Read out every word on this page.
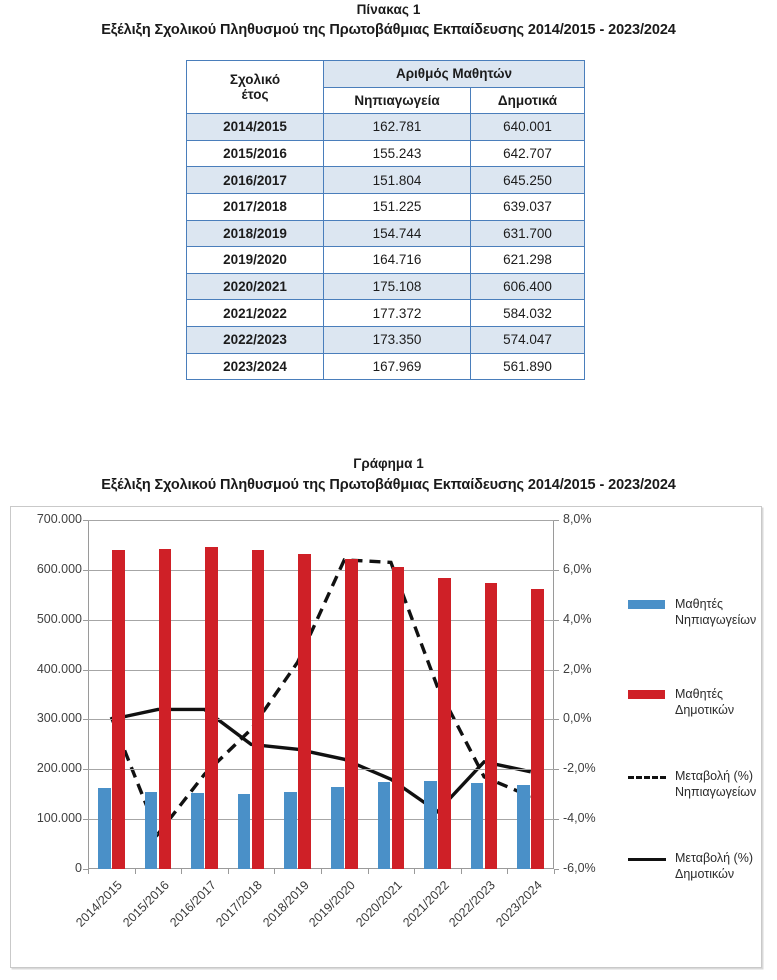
Πίνακας 1
Εξέλιξη Σχολικού Πληθυσμού της Πρωτοβάθμιας Εκπαίδευσης 2014/2015 - 2023/2024
Σχολικό
έτος	Αριθμός Μαθητών	
	Νηπιαγωγεία	Δημοτικά
2014/2015	162.781	640.001
2015/2016	155.243	642.707
2016/2017	151.804	645.250
2017/2018	151.225	639.037
2018/2019	154.744	631.700
2019/2020	164.716	621.298
2020/2021	175.108	606.400
2021/2022	177.372	584.032
2022/2023	173.350	574.047
2023/2024	167.969	561.890
Γράφημα 1
Εξέλιξη Σχολικού Πληθυσμού της Πρωτοβάθμιας Εκπαίδευσης 2014/2015 - 2023/2024
0
100.000
200.000
300.000
400.000
500.000
600.000
700.000
-6,0%
-4,0%
-2,0%
0,0%
2,0%
4,0%
6,0%
8,0%
2014/2015
2015/2016
2016/2017
2017/2018
2018/2019
2019/2020
2020/2021
2021/2022
2022/2023
2023/2024
Μαθητές
Νηπιαγωγείων
Μαθητές
Δημοτικών
Μεταβολή (%)
Νηπιαγωγείων
Μεταβολή (%)
Δημοτικών
